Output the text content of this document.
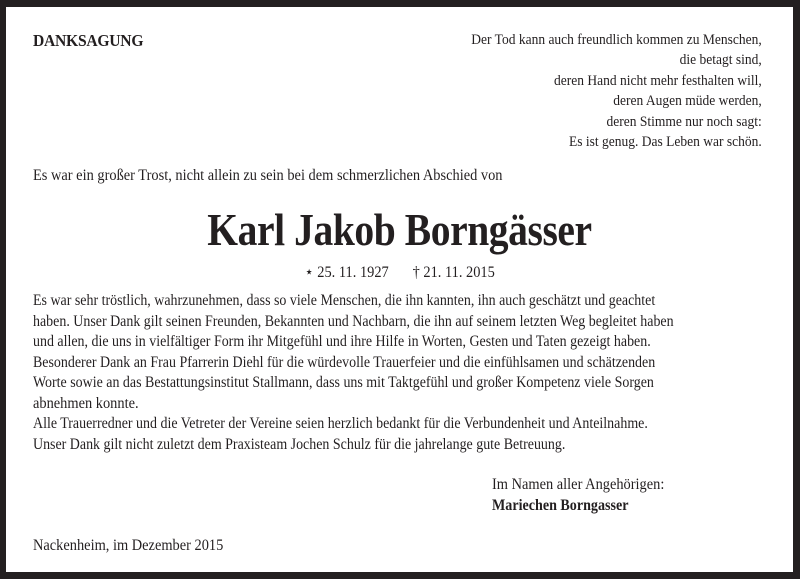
DANKSAGUNG	Der Tod kann auch freundlich kommen zu Menschen,
die betagt sind,
deren Hand nicht mehr festhalten will,
deren Augen müde werden,
deren Stimme nur noch sagt:
Es ist genug. Das Leben war schön.
Es war ein großer Trost, nicht allein zu sein bei dem schmerzlichen Abschied von
Karl Jakob Borngässer
⋆ 25. 11. 1927 † 21. 11. 2015
Es war sehr tröstlich, wahrzunehmen, dass so viele Menschen, die ihn kannten, ihn auch geschätzt und geachtet
haben. Unser Dank gilt seinen Freunden, Bekannten und Nachbarn, die ihn auf seinem letzten Weg begleitet haben
und allen, die uns in vielfältiger Form ihr Mitgefühl und ihre Hilfe in Worten, Gesten und Taten gezeigt haben.
Besonderer Dank an Frau Pfarrerin Diehl für die würdevolle Trauerfeier und die einfühlsamen und schätzenden
Worte sowie an das Bestattungsinstitut Stallmann, dass uns mit Taktgefühl und großer Kompetenz viele Sorgen
abnehmen konnte.
Alle Trauerredner und die Vetreter der Vereine seien herzlich bedankt für die Verbundenheit und Anteilnahme.
Unser Dank gilt nicht zuletzt dem Praxisteam Jochen Schulz für die jahrelange gute Betreuung.
Im Namen aller Angehörigen:
Mariechen Borngasser
Nackenheim, im Dezember 2015
